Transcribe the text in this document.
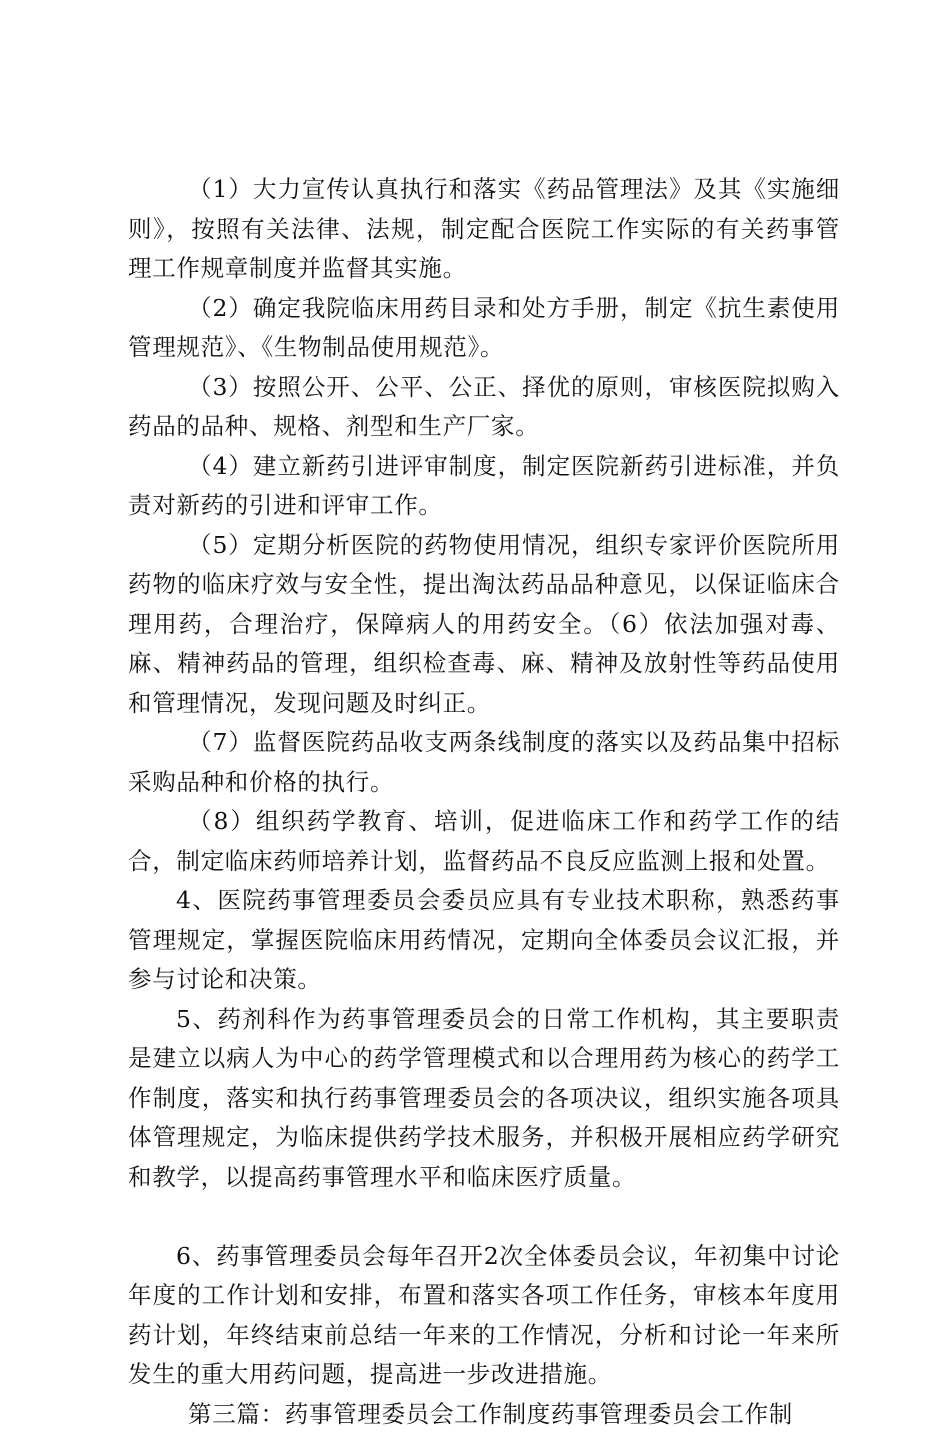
（1）大力宣传认真执行和落实《药品管理法》及其《实施细则》，按照有关法律、法规，制定配合医院工作实际的有关药事管理工作规章制度并监督其实施。

（2）确定我院临床用药目录和处方手册，制定《抗生素使用管理规范》、《生物制品使用规范》。

（3）按照公开、公平、公正、择优的原则，审核医院拟购入药品的品种、规格、剂型和生产厂家。

（4）建立新药引进评审制度，制定医院新药引进标准，并负责对新药的引进和评审工作。

（5）定期分析医院的药物使用情况，组织专家评价医院所用药物的临床疗效与安全性，提出淘汰药品品种意见，以保证临床合理用药，合理治疗，保障病人的用药安全。（6）依法加强对毒、麻、精神药品的管理，组织检查毒、麻、精神及放射性等药品使用和管理情况，发现问题及时纠正。

（7）监督医院药品收支两条线制度的落实以及药品集中招标采购品种和价格的执行。

（8）组织药学教育、培训，促进临床工作和药学工作的结合，制定临床药师培养计划，监督药品不良反应监测上报和处置。

4、医院药事管理委员会委员应具有专业技术职称，熟悉药事管理规定，掌握医院临床用药情况，定期向全体委员会议汇报，并参与讨论和决策。

5、药剂科作为药事管理委员会的日常工作机构，其主要职责是建立以病人为中心的药学管理模式和以合理用药为核心的药学工作制度，落实和执行药事管理委员会的各项决议，组织实施各项具体管理规定，为临床提供药学技术服务，并积极开展相应药学研究和教学，以提高药事管理水平和临床医疗质量。

6、药事管理委员会每年召开2次全体委员会议，年初集中讨论年度的工作计划和安排，布置和落实各项工作任务，审核本年度用药计划，年终结束前总结一年来的工作情况，分析和讨论一年来所发生的重大用药问题，提高进一步改进措施。

第三篇：药事管理委员会工作制度药事管理委员会工作制
